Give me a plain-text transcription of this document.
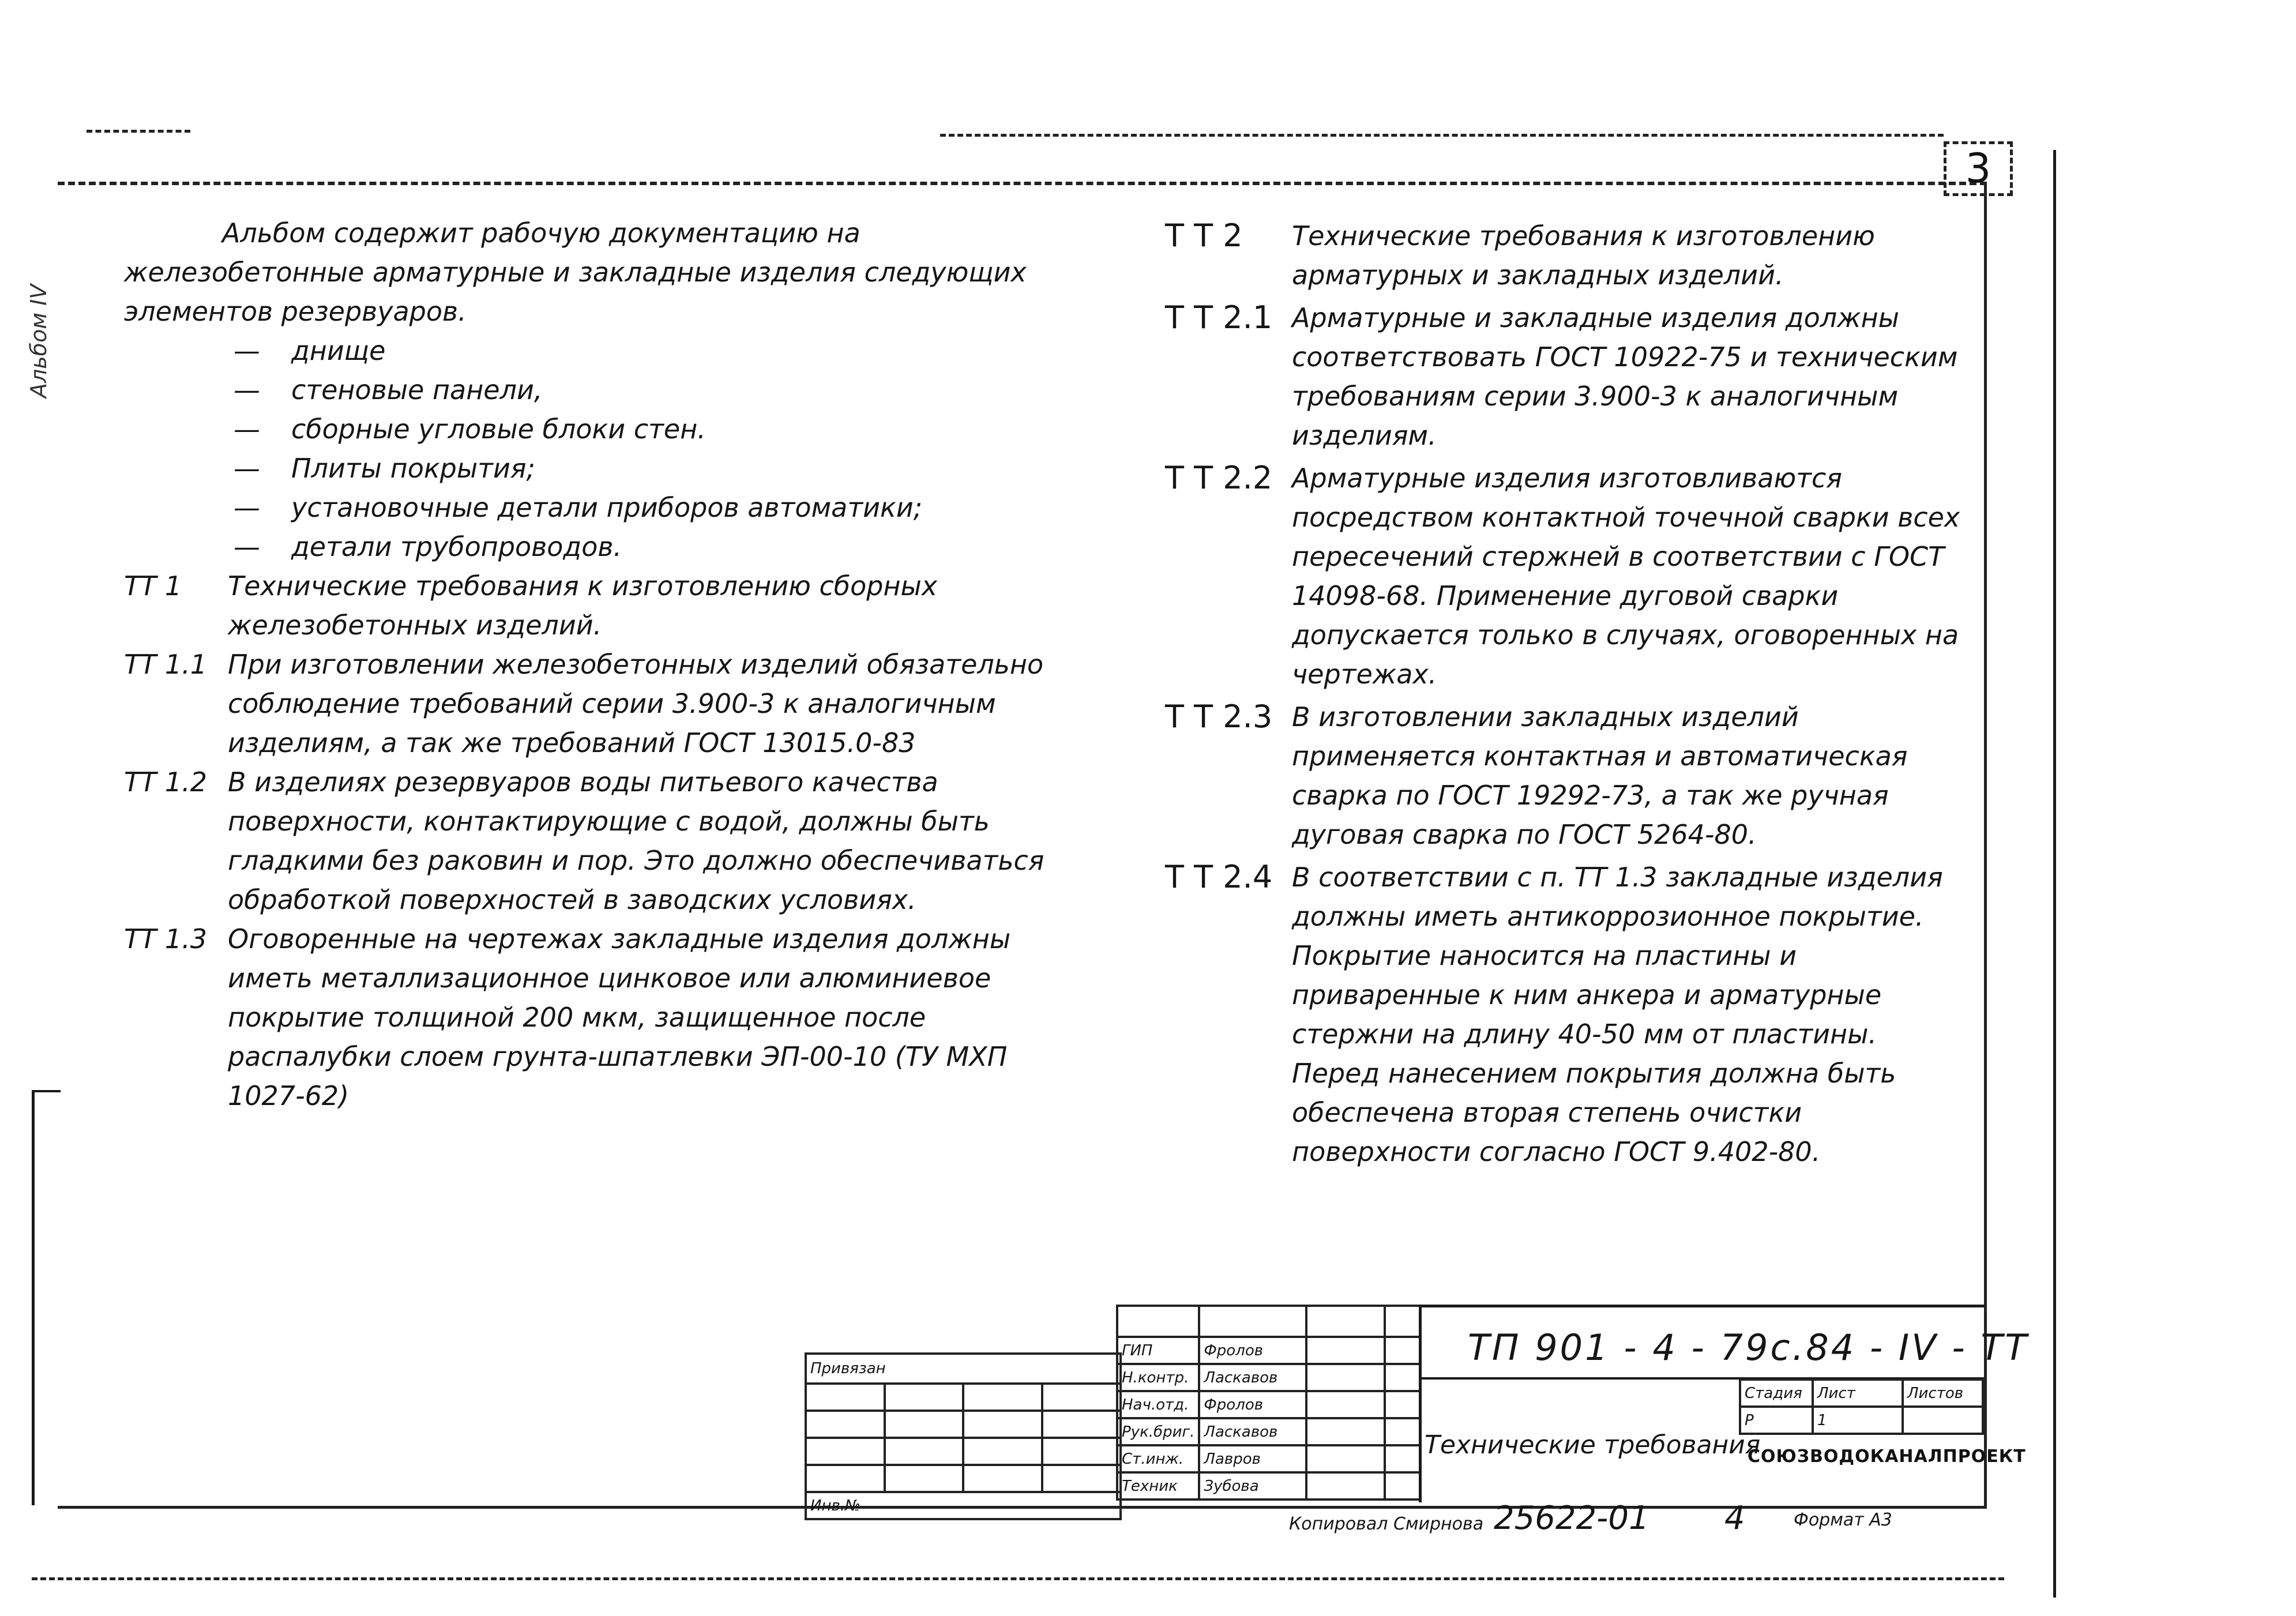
3
Альбом IV

Альбом содержит рабочую документацию на железобетонные арматурные и закладные изделия следующих элементов резервуаров.

—	днище
—	стеновые панели,
—	сборные угловые блоки стен.
—	Плиты покрытия;
—	установочные детали приборов автоматики;
—	детали трубопроводов.
ТТ 1	Технические требования к изготовлению сборных железобетонных изделий.
ТТ 1.1 При изготовлении железобетонных изделий обязательно соблюдение требований серии 3.900-3 к аналогичным изделиям, а так же требований ГОСТ 13015.0-83
ТТ 1.2 В изделиях резервуаров воды питьевого качества поверхности, контактирующие с водой, должны быть гладкими без раковин и пор. Это должно обеспечиваться обработкой поверхностей в заводских условиях.
ТТ 1.3 Оговоренные на чертежах закладные изделия должны иметь металлизационное цинковое или алюминиевое покрытие толщиной 200 мкм, защищенное после распалубки слоем грунта-шпатлевки ЭП-00-10 (ТУ МХП 1027-62)
Т Т 2	Технические требования к изготовлению арматурных и закладных изделий.
Т Т 2.1 Арматурные и закладные изделия должны соответствовать ГОСТ 10922-75 и техническим требованиям серии 3.900-3 к аналогичным изделиям.
Т Т 2.2 Арматурные изделия изготовливаются посредством контактной точечной сварки всех пересечений стержней в соответствии с ГОСТ 14098-68. Применение дуговой сварки допускается только в случаях, оговоренных на чертежах.
Т Т 2.3 В изготовлении закладных изделий применяется контактная и автоматическая сварка по ГОСТ 19292-73, а так же ручная дуговая сварка по ГОСТ 5264-80.
Т Т 2.4 В соответствии с п. ТТ 1.3 закладные изделия должны иметь антикоррозионное покрытие. Покрытие наносится на пластины и приваренные к ним анкера и арматурные стержни на длину 40-50 мм от пластины. Перед нанесением покрытия должна быть обеспечена вторая степень очистки поверхности согласно ГОСТ 9.402-80.
Привязан			

Инв.№			

ГИП	Фролов		
Н.контр.	Ласкавов		
Нач.отд.	Фролов		
Рук.бриг.	Ласкавов		
Ст.инж.	Лавров		
Техник	Зубова		
ТП 901 - 4 - 79с.84 - IV - ТТ
Технические требования
Стадия	Лист	Листов
Р	1	
СОЮЗВОДОКАНАЛПРОЕКТ
Копировал Смирнова 25622-01 4	Формат А3
